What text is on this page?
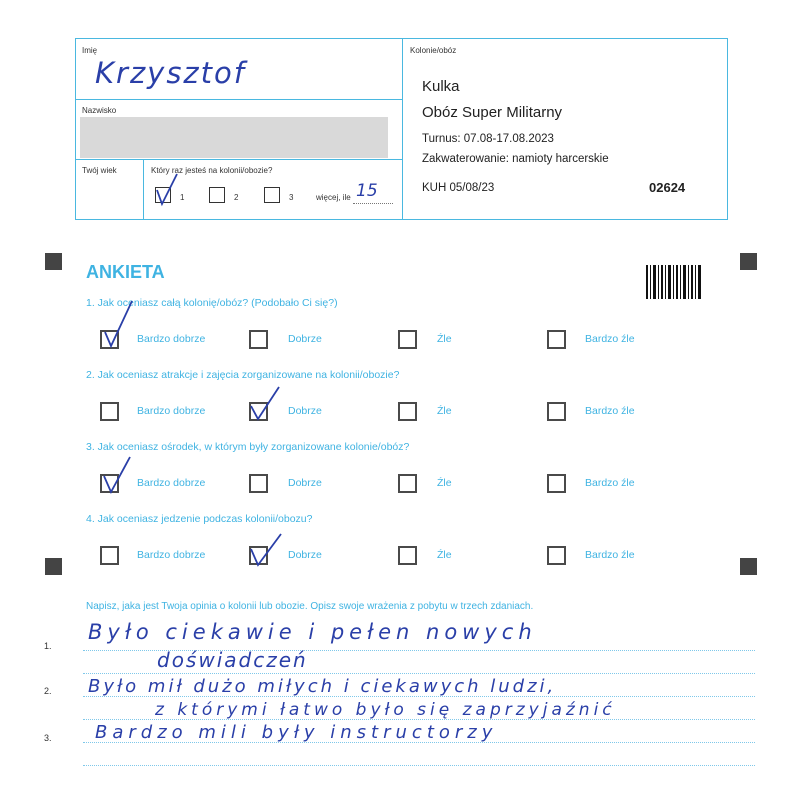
Imię
Krzysztof
Nazwisko
Twój wiek	Który raz jesteś na kolonii/obozie?
1	2	3	więcej, ile 15
Kolonie/obóz
Kulka
Obóz Super Militarny
Turnus: 07.08-17.08.2023
Zakwaterowanie: namioty harcerskie
KUH 05/08/23	02624
ANKIETA
1. Jak oceniasz całą kolonię/obóz? (Podobało Ci się?)
Bardzo dobrze	Dobrze	Źle	Bardzo źle
2. Jak oceniasz atrakcje i zajęcia zorganizowane na kolonii/obozie?
Bardzo dobrze	Dobrze	Źle	Bardzo źle
3. Jak oceniasz ośrodek, w którym były zorganizowane kolonie/obóz?
Bardzo dobrze	Dobrze	Źle	Bardzo źle
4. Jak oceniasz jedzenie podczas kolonii/obozu?
Bardzo dobrze	Dobrze	Źle	Bardzo źle
Napisz, jaka jest Twoja opinia o kolonii lub obozie. Opisz swoje wrażenia z pobytu w trzech zdaniach.
1.
2.
3.
Było ciekawie i pełen nowych
doświadczeń
Było mił dużo miłych i ciekawych ludzi,
z którymi łatwo było się zaprzyjaźnić
Bardzo mili były instructorzy
